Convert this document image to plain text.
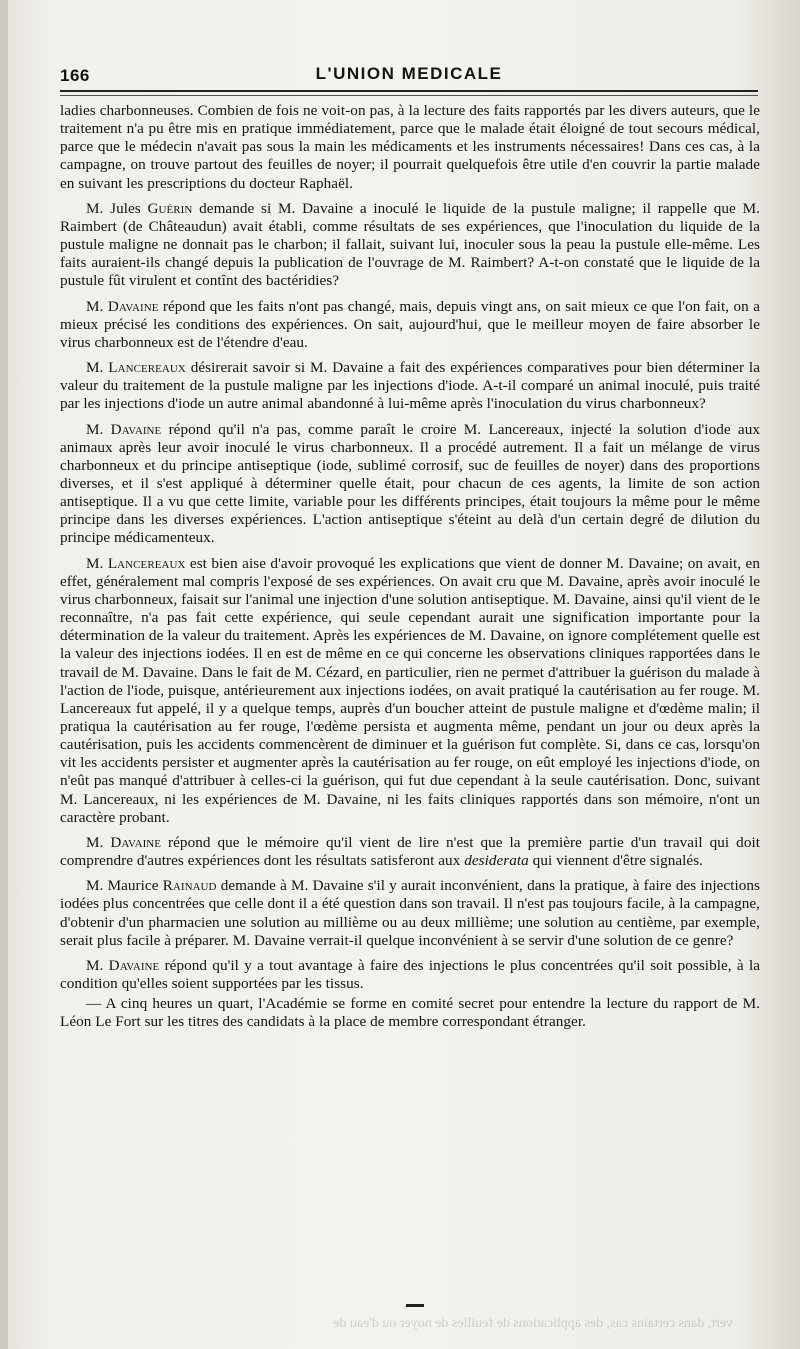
166	L'UNION MEDICALE

ladies charbonneuses. Combien de fois ne voit-on pas, à la lecture des faits rapportés par les divers auteurs, que le traitement n'a pu être mis en pratique immédiatement, parce que le malade était éloigné de tout secours médical, parce que le médecin n'avait pas sous la main les médicaments et les instruments nécessaires! Dans ces cas, à la campagne, on trouve partout des feuilles de noyer; il pourrait quelquefois être utile d'en couvrir la partie malade en suivant les prescriptions du docteur Raphaël.

M. Jules Guérin demande si M. Davaine a inoculé le liquide de la pustule maligne; il rappelle que M. Raimbert (de Châteaudun) avait établi, comme résultats de ses expériences, que l'inoculation du liquide de la pustule maligne ne donnait pas le charbon; il fallait, suivant lui, inoculer sous la peau la pustule elle-même. Les faits auraient-ils changé depuis la publication de l'ouvrage de M. Raimbert? A-t-on constaté que le liquide de la pustule fût virulent et contînt des bactéridies?

M. Davaine répond que les faits n'ont pas changé, mais, depuis vingt ans, on sait mieux ce que l'on fait, on a mieux précisé les conditions des expériences. On sait, aujourd'hui, que le meilleur moyen de faire absorber le virus charbonneux est de l'étendre d'eau.

M. Lancereaux désirerait savoir si M. Davaine a fait des expériences comparatives pour bien déterminer la valeur du traitement de la pustule maligne par les injections d'iode. A-t-il comparé un animal inoculé, puis traité par les injections d'iode un autre animal abandonné à lui-même après l'inoculation du virus charbonneux?

M. Davaine répond qu'il n'a pas, comme paraît le croire M. Lancereaux, injecté la solution d'iode aux animaux après leur avoir inoculé le virus charbonneux. Il a procédé autrement. Il a fait un mélange de virus charbonneux et du principe antiseptique (iode, sublimé corrosif, suc de feuilles de noyer) dans des proportions diverses, et il s'est appliqué à déterminer quelle était, pour chacun de ces agents, la limite de son action antiseptique. Il a vu que cette limite, variable pour les différents principes, était toujours la même pour le même principe dans les diverses expériences. L'action antiseptique s'éteint au delà d'un certain degré de dilution du principe médicamenteux.

M. Lancereaux est bien aise d'avoir provoqué les explications que vient de donner M. Davaine; on avait, en effet, généralement mal compris l'exposé de ses expériences. On avait cru que M. Davaine, après avoir inoculé le virus charbonneux, faisait sur l'animal une injection d'une solution antiseptique. M. Davaine, ainsi qu'il vient de le reconnaître, n'a pas fait cette expérience, qui seule cependant aurait une signification importante pour la détermination de la valeur du traitement. Après les expériences de M. Davaine, on ignore complétement quelle est la valeur des injections iodées. Il en est de même en ce qui concerne les observations cliniques rapportées dans le travail de M. Davaine. Dans le fait de M. Cézard, en particulier, rien ne permet d'attribuer la guérison du malade à l'action de l'iode, puisque, antérieurement aux injections iodées, on avait pratiqué la cautérisation au fer rouge. M. Lancereaux fut appelé, il y a quelque temps, auprès d'un boucher atteint de pustule maligne et d'œdème malin; il pratiqua la cautérisation au fer rouge, l'œdème persista et augmenta même, pendant un jour ou deux après la cautérisation, puis les accidents commencèrent de diminuer et la guérison fut complète. Si, dans ce cas, lorsqu'on vit les accidents persister et augmenter après la cautérisation au fer rouge, on eût employé les injections d'iode, on n'eût pas manqué d'attribuer à celles-ci la guérison, qui fut due cependant à la seule cautérisation. Donc, suivant M. Lancereaux, ni les expériences de M. Davaine, ni les faits cliniques rapportés dans son mémoire, n'ont un caractère probant.

M. Davaine répond que le mémoire qu'il vient de lire n'est que la première partie d'un travail qui doit comprendre d'autres expériences dont les résultats satisferont aux desiderata qui viennent d'être signalés.

M. Maurice Rainaud demande à M. Davaine s'il y aurait inconvénient, dans la pratique, à faire des injections iodées plus concentrées que celle dont il a été question dans son travail. Il n'est pas toujours facile, à la campagne, d'obtenir d'un pharmacien une solution au millième ou au deux millième; une solution au centième, par exemple, serait plus facile à préparer. M. Davaine verrait-il quelque inconvénient à se servir d'une solution de ce genre?

M. Davaine répond qu'il y a tout avantage à faire des injections le plus concentrées qu'il soit possible, à la condition qu'elles soient supportées par les tissus.

— A cinq heures un quart, l'Académie se forme en comité secret pour entendre la lecture du rapport de M. Léon Le Fort sur les titres des candidats à la place de membre correspondant étranger.

vert, dans certains cas, des applications de feuilles de noyer ou d'eau de
